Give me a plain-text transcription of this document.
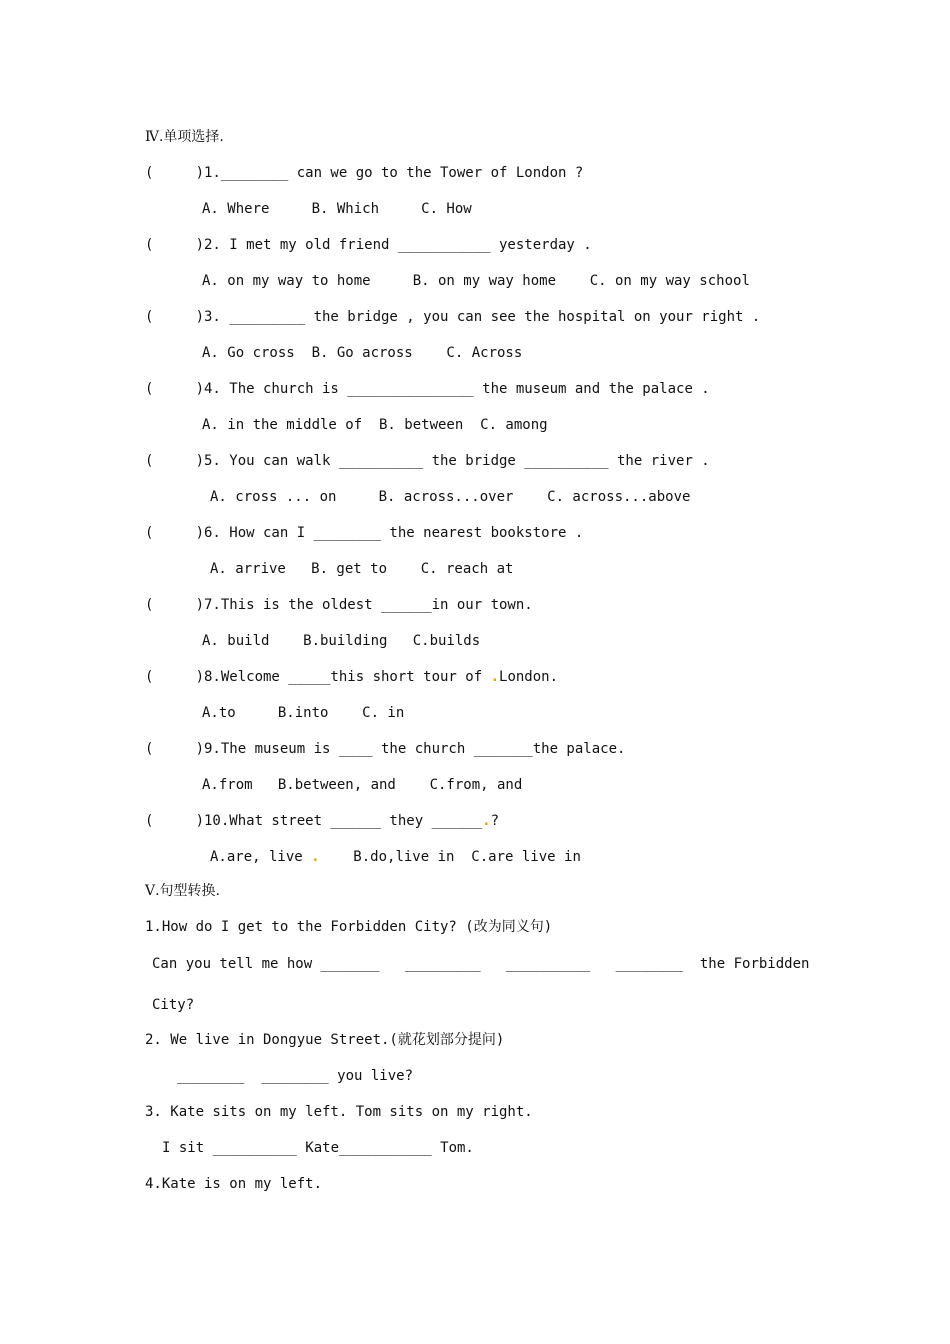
Ⅳ.单项选择.
(     )1.________ can we go to the Tower of London ?
A. Where     B. Which     C. How
(     )2. I met my old friend ___________ yesterday .
A. on my way to home     B. on my way home    C. on my way school
(     )3. _________ the bridge , you can see the hospital on your right .
A. Go cross  B. Go across    C. Across
(     )4. The church is _______________ the museum and the palace .
A. in the middle of  B. between  C. among
(     )5. You can walk __________ the bridge __________ the river .
A. cross ... on     B. across...over    C. across...above
(     )6. How can I ________ the nearest bookstore .
A. arrive   B. get to    C. reach at
(     )7.This is the oldest ______in our town.
A. build    B.building   C.builds
(     )8.Welcome _____this short tour of .London.
A.to     B.into    C. in
(     )9.The museum is ____ the church _______the palace.
A.from   B.between, and    C.from, and
(     )10.What street ______ they ______.?
A.are, live .    B.do,live in  C.are live in
Ⅴ.句型转换.
1.How do I get to the Forbidden City? (改为同义句)
Can you tell me how _______   _________   __________   ________  the Forbidden
City?
2. We live in Dongyue Street.(就花划部分提问)
________  ________ you live?
3. Kate sits on my left. Tom sits on my right.
I sit __________ Kate___________ Tom.
4.Kate is on my left.
